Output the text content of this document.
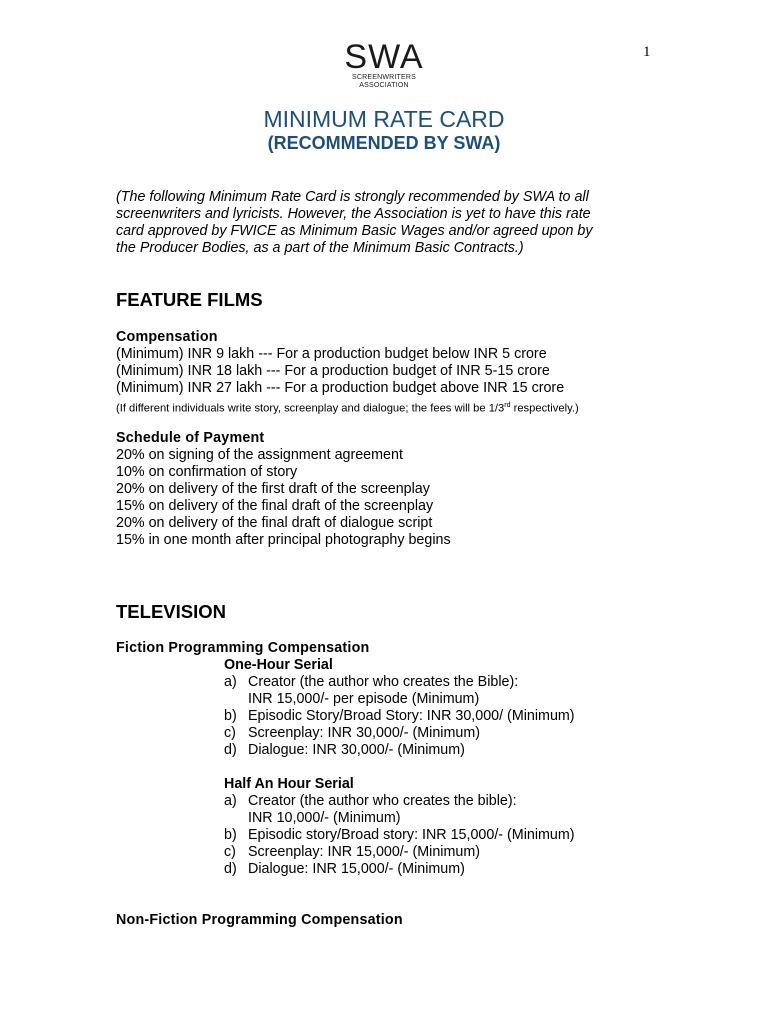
1
SWA
SCREENWRITERS
ASSOCIATION
MINIMUM RATE CARD
(RECOMMENDED BY SWA)
(The following Minimum Rate Card is strongly recommended by SWA to all
screenwriters and lyricists. However, the Association is yet to have this rate
card approved by FWICE as Minimum Basic Wages and/or agreed upon by
the Producer Bodies, as a part of the Minimum Basic Contracts.)
FEATURE FILMS
Compensation
(Minimum) INR 9 lakh --- For a production budget below INR 5 crore
(Minimum) INR 18 lakh --- For a production budget of INR 5-15 crore
(Minimum) INR 27 lakh --- For a production budget above INR 15 crore
(If different individuals write story, screenplay and dialogue; the fees will be 1/3rd respectively.)
Schedule of Payment
20% on signing of the assignment agreement
10% on confirmation of story
20% on delivery of the first draft of the screenplay
15% on delivery of the final draft of the screenplay
20% on delivery of the final draft of dialogue script
15% in one month after principal photography begins
TELEVISION
Fiction Programming Compensation
One-Hour Serial
a) Creator (the author who creates the Bible):
INR 15,000/- per episode (Minimum)
b) Episodic Story/Broad Story: INR 30,000/ (Minimum)
c) Screenplay: INR 30,000/- (Minimum)
d) Dialogue: INR 30,000/- (Minimum)
Half An Hour Serial
a) Creator (the author who creates the bible):
INR 10,000/- (Minimum)
b) Episodic story/Broad story: INR 15,000/- (Minimum)
c) Screenplay: INR 15,000/- (Minimum)
d) Dialogue: INR 15,000/- (Minimum)
Non-Fiction Programming Compensation
